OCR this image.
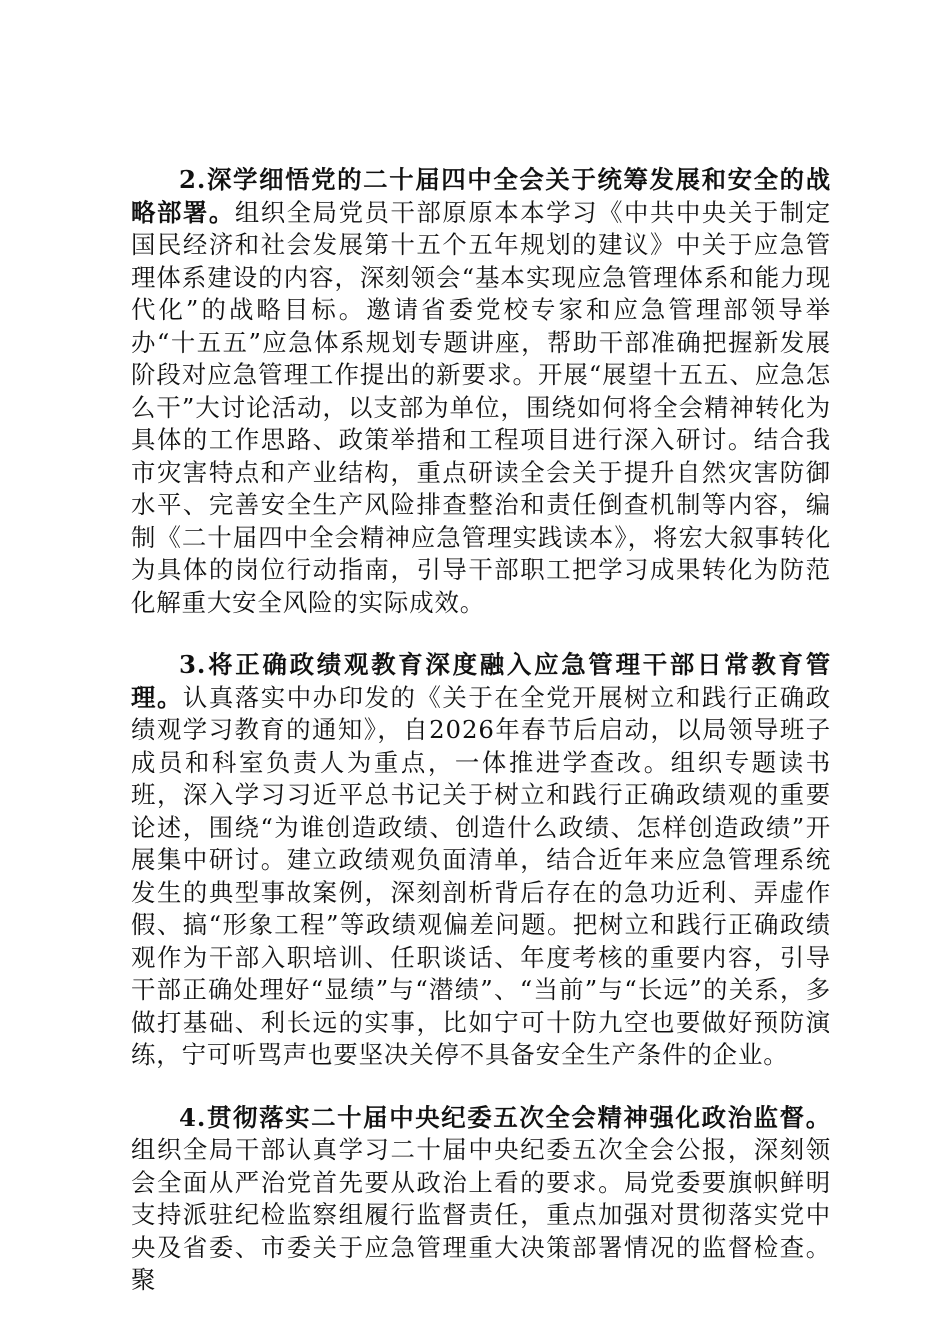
2.深学细悟党的二十届四中全会关于统筹发展和安全的战略部署。组织全局党员干部原原本本学习《中共中央关于制定国民经济和社会发展第十五个五年规划的建议》中关于应急管理体系建设的内容，深刻领会“基本实现应急管理体系和能力现代化”的战略目标。邀请省委党校专家和应急管理部领导举办“十五五”应急体系规划专题讲座，帮助干部准确把握新发展阶段对应急管理工作提出的新要求。开展“展望十五五、应急怎么干”大讨论活动，以支部为单位，围绕如何将全会精神转化为具体的工作思路、政策举措和工程项目进行深入研讨。结合我市灾害特点和产业结构，重点研读全会关于提升自然灾害防御水平、完善安全生产风险排查整治和责任倒查机制等内容，编制《二十届四中全会精神应急管理实践读本》，将宏大叙事转化为具体的岗位行动指南，引导干部职工把学习成果转化为防范化解重大安全风险的实际成效。

3.将正确政绩观教育深度融入应急管理干部日常教育管理。认真落实中办印发的《关于在全党开展树立和践行正确政绩观学习教育的通知》，自2026年春节后启动，以局领导班子成员和科室负责人为重点，一体推进学查改。组织专题读书班，深入学习习近平总书记关于树立和践行正确政绩观的重要论述，围绕“为谁创造政绩、创造什么政绩、怎样创造政绩”开展集中研讨。建立政绩观负面清单，结合近年来应急管理系统发生的典型事故案例，深刻剖析背后存在的急功近利、弄虚作假、搞“形象工程”等政绩观偏差问题。把树立和践行正确政绩观作为干部入职培训、任职谈话、年度考核的重要内容，引导干部正确处理好“显绩”与“潜绩”、“当前”与“长远”的关系，多做打基础、利长远的实事，比如宁可十防九空也要做好预防演练，宁可听骂声也要坚决关停不具备安全生产条件的企业。

4.贯彻落实二十届中央纪委五次全会精神强化政治监督。组织全局干部认真学习二十届中央纪委五次全会公报，深刻领会全面从严治党首先要从政治上看的要求。局党委要旗帜鲜明支持派驻纪检监察组履行监督责任，重点加强对贯彻落实党中央及省委、市委关于应急管理重大决策部署情况的监督检查。聚
